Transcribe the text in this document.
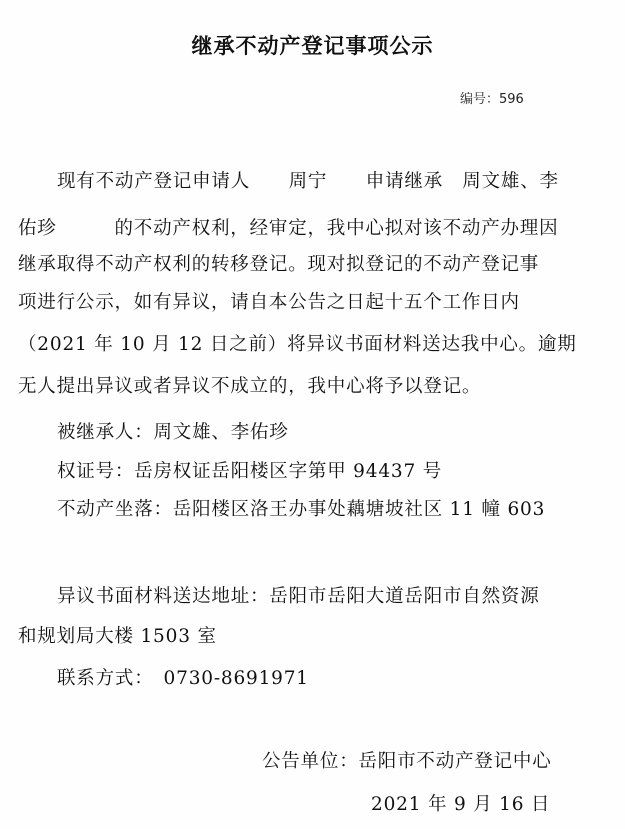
继承不动产登记事项公示
编号：596
现有不动产登记申请人　　周宁　　申请继承　周文雄、李
佑珍　　　的不动产权利，经审定，我中心拟对该不动产办理因
继承取得不动产权利的转移登记。现对拟登记的不动产登记事
项进行公示，如有异议，请自本公告之日起十五个工作日内
（2021 年 10 月 12 日之前）将异议书面材料送达我中心。逾期
无人提出异议或者异议不成立的，我中心将予以登记。
被继承人：周文雄、李佑珍
权证号：岳房权证岳阳楼区字第甲 94437 号
不动产坐落：岳阳楼区洛王办事处藕塘坡社区 11 幢 603
异议书面材料送达地址：岳阳市岳阳大道岳阳市自然资源
和规划局大楼 1503 室
联系方式：　0730-8691971
公告单位：岳阳市不动产登记中心
2021 年 9 月 16 日
